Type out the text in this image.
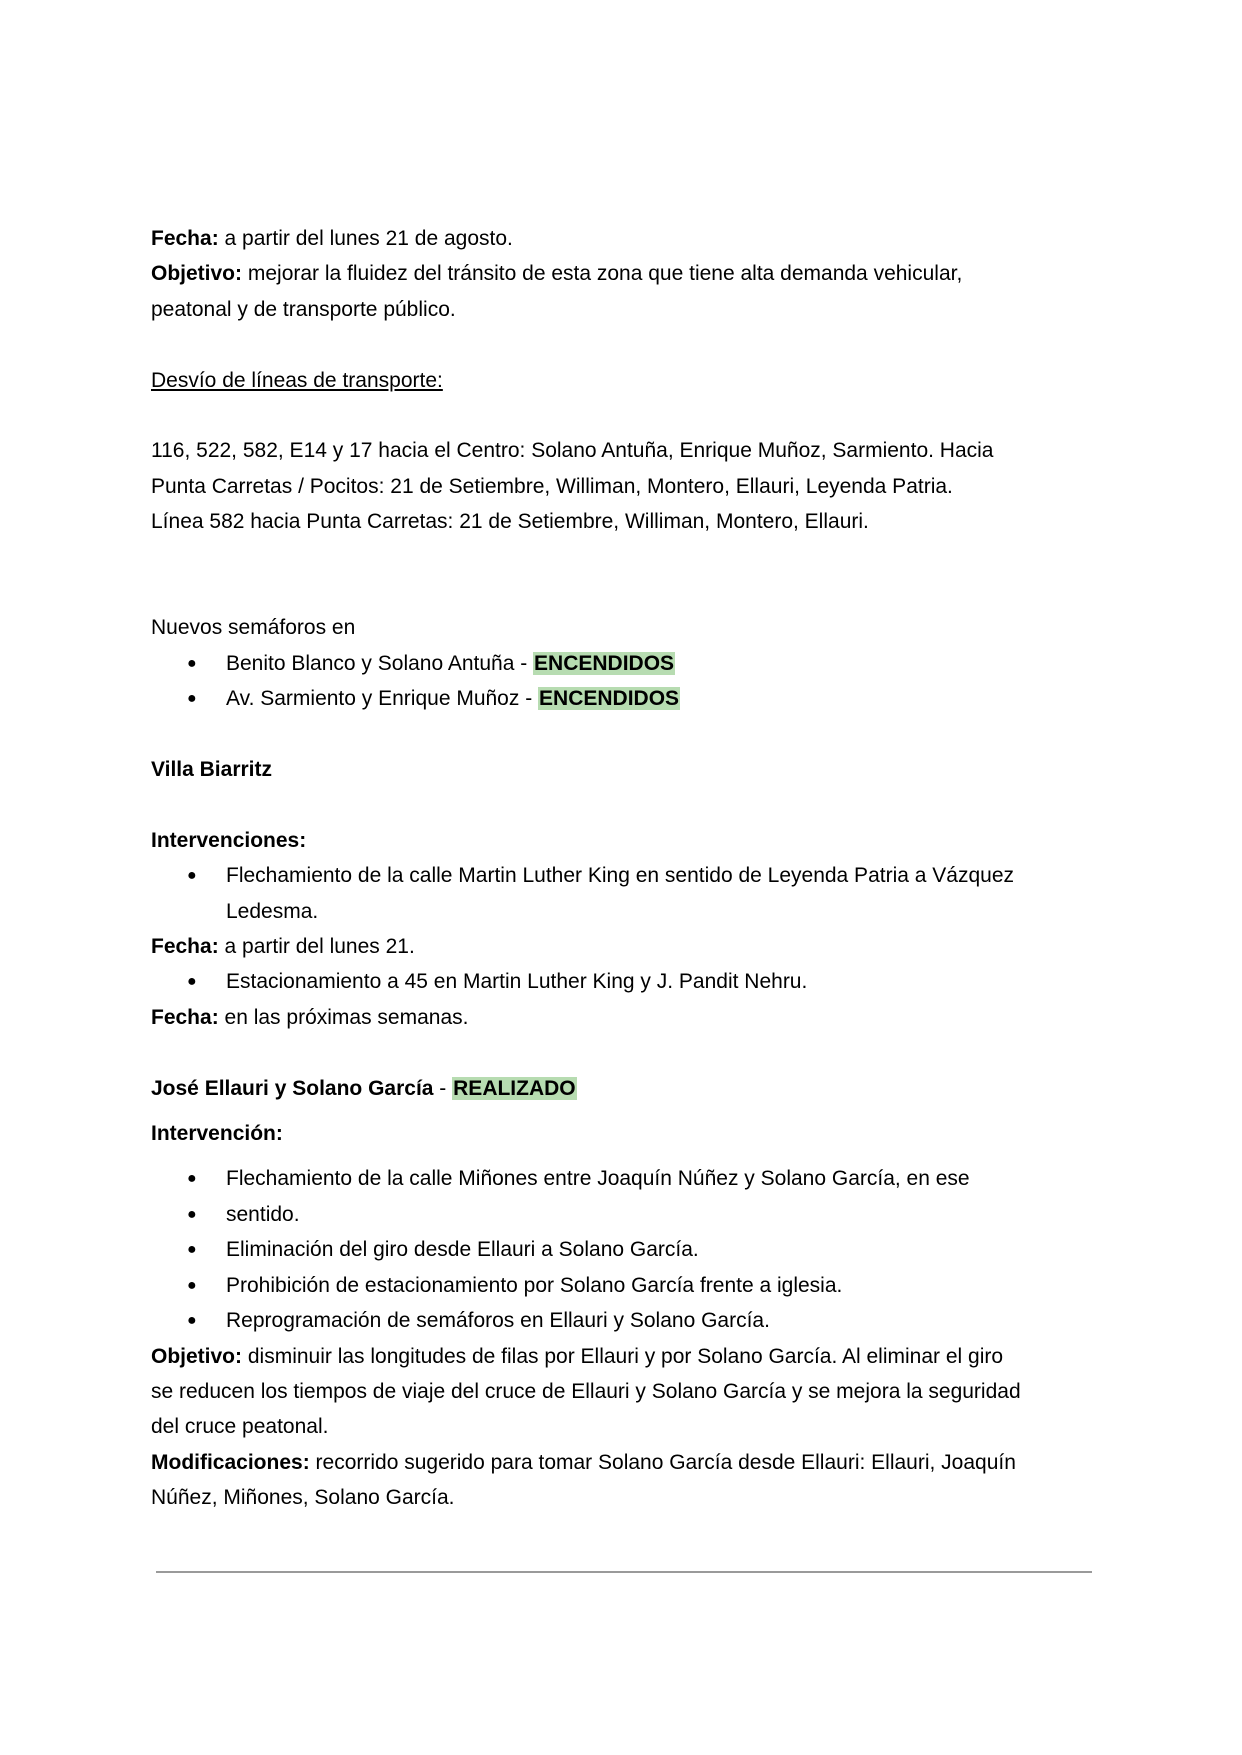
Fecha: a partir del lunes 21 de agosto.
Objetivo: mejorar la fluidez del tránsito de esta zona que tiene alta demanda vehicular,
peatonal y de transporte público.
Desvío de líneas de transporte:
116, 522, 582, E14 y 17 hacia el Centro: Solano Antuña, Enrique Muñoz, Sarmiento. Hacia
Punta Carretas / Pocitos: 21 de Setiembre, Williman, Montero, Ellauri, Leyenda Patria.
Línea 582 hacia Punta Carretas: 21 de Setiembre, Williman, Montero, Ellauri.
Nuevos semáforos en
● Benito Blanco y Solano Antuña - ENCENDIDOS
● Av. Sarmiento y Enrique Muñoz - ENCENDIDOS
Villa Biarritz
Intervenciones:
● Flechamiento de la calle Martin Luther King en sentido de Leyenda Patria a Vázquez
Ledesma.
Fecha: a partir del lunes 21.
● Estacionamiento a 45 en Martin Luther King y J. Pandit Nehru.
Fecha: en las próximas semanas.
José Ellauri y Solano García - REALIZADO
Intervención:
● Flechamiento de la calle Miñones entre Joaquín Núñez y Solano García, en ese
● sentido.
● Eliminación del giro desde Ellauri a Solano García.
● Prohibición de estacionamiento por Solano García frente a iglesia.
● Reprogramación de semáforos en Ellauri y Solano García.
Objetivo: disminuir las longitudes de filas por Ellauri y por Solano García. Al eliminar el giro
se reducen los tiempos de viaje del cruce de Ellauri y Solano García y se mejora la seguridad
del cruce peatonal.
Modificaciones: recorrido sugerido para tomar Solano García desde Ellauri: Ellauri, Joaquín
Núñez, Miñones, Solano García.
